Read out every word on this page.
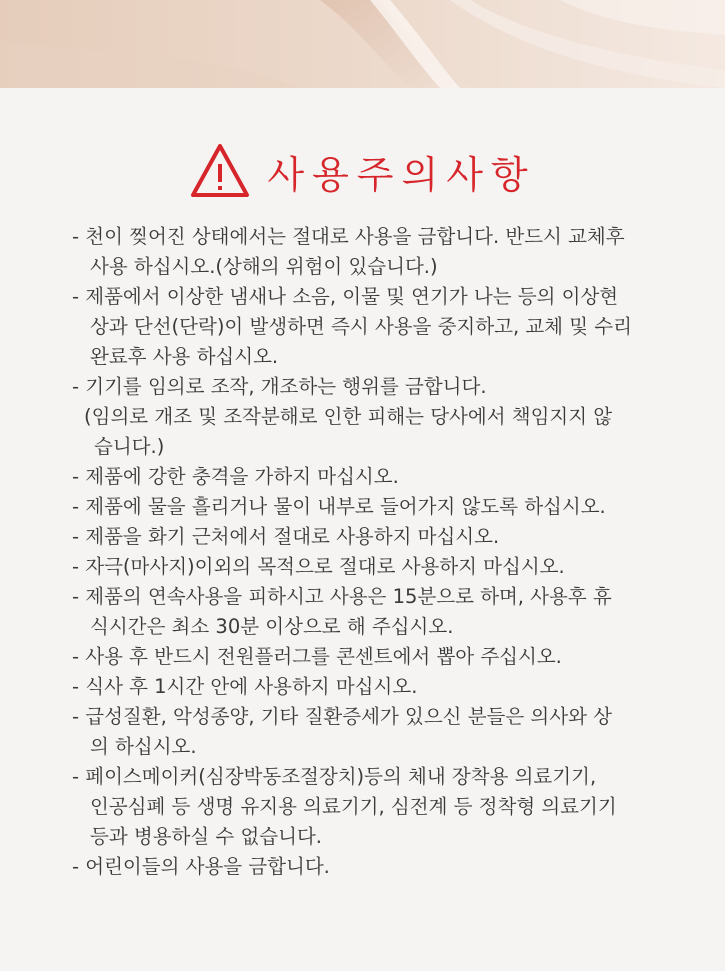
사용주의사항
- 천이 찢어진 상태에서는 절대로 사용을 금합니다. 반드시 교체후
사용 하십시오.(상해의 위험이 있습니다.)
- 제품에서 이상한 냄새나 소음, 이물 및 연기가 나는 등의 이상현
상과 단선(단락)이 발생하면 즉시 사용을 중지하고, 교체 및 수리
완료후 사용 하십시오.
- 기기를 임의로 조작, 개조하는 행위를 금합니다.
(임의로 개조 및 조작분해로 인한 피해는 당사에서 책임지지 않
습니다.)
- 제품에 강한 충격을 가하지 마십시오.
- 제품에 물을 흘리거나 물이 내부로 들어가지 않도록 하십시오.
- 제품을 화기 근처에서 절대로 사용하지 마십시오.
- 자극(마사지)이외의 목적으로 절대로 사용하지 마십시오.
- 제품의 연속사용을 피하시고 사용은 15분으로 하며, 사용후 휴
식시간은 최소 30분 이상으로 해 주십시오.
- 사용 후 반드시 전원플러그를 콘센트에서 뽑아 주십시오.
- 식사 후 1시간 안에 사용하지 마십시오.
- 급성질환, 악성종양, 기타 질환증세가 있으신 분들은 의사와 상
의 하십시오.
- 페이스메이커(심장박동조절장치)등의 체내 장착용 의료기기,
인공심폐 등 생명 유지용 의료기기, 심전계 등 정착형 의료기기
등과 병용하실 수 없습니다.
- 어린이들의 사용을 금합니다.
